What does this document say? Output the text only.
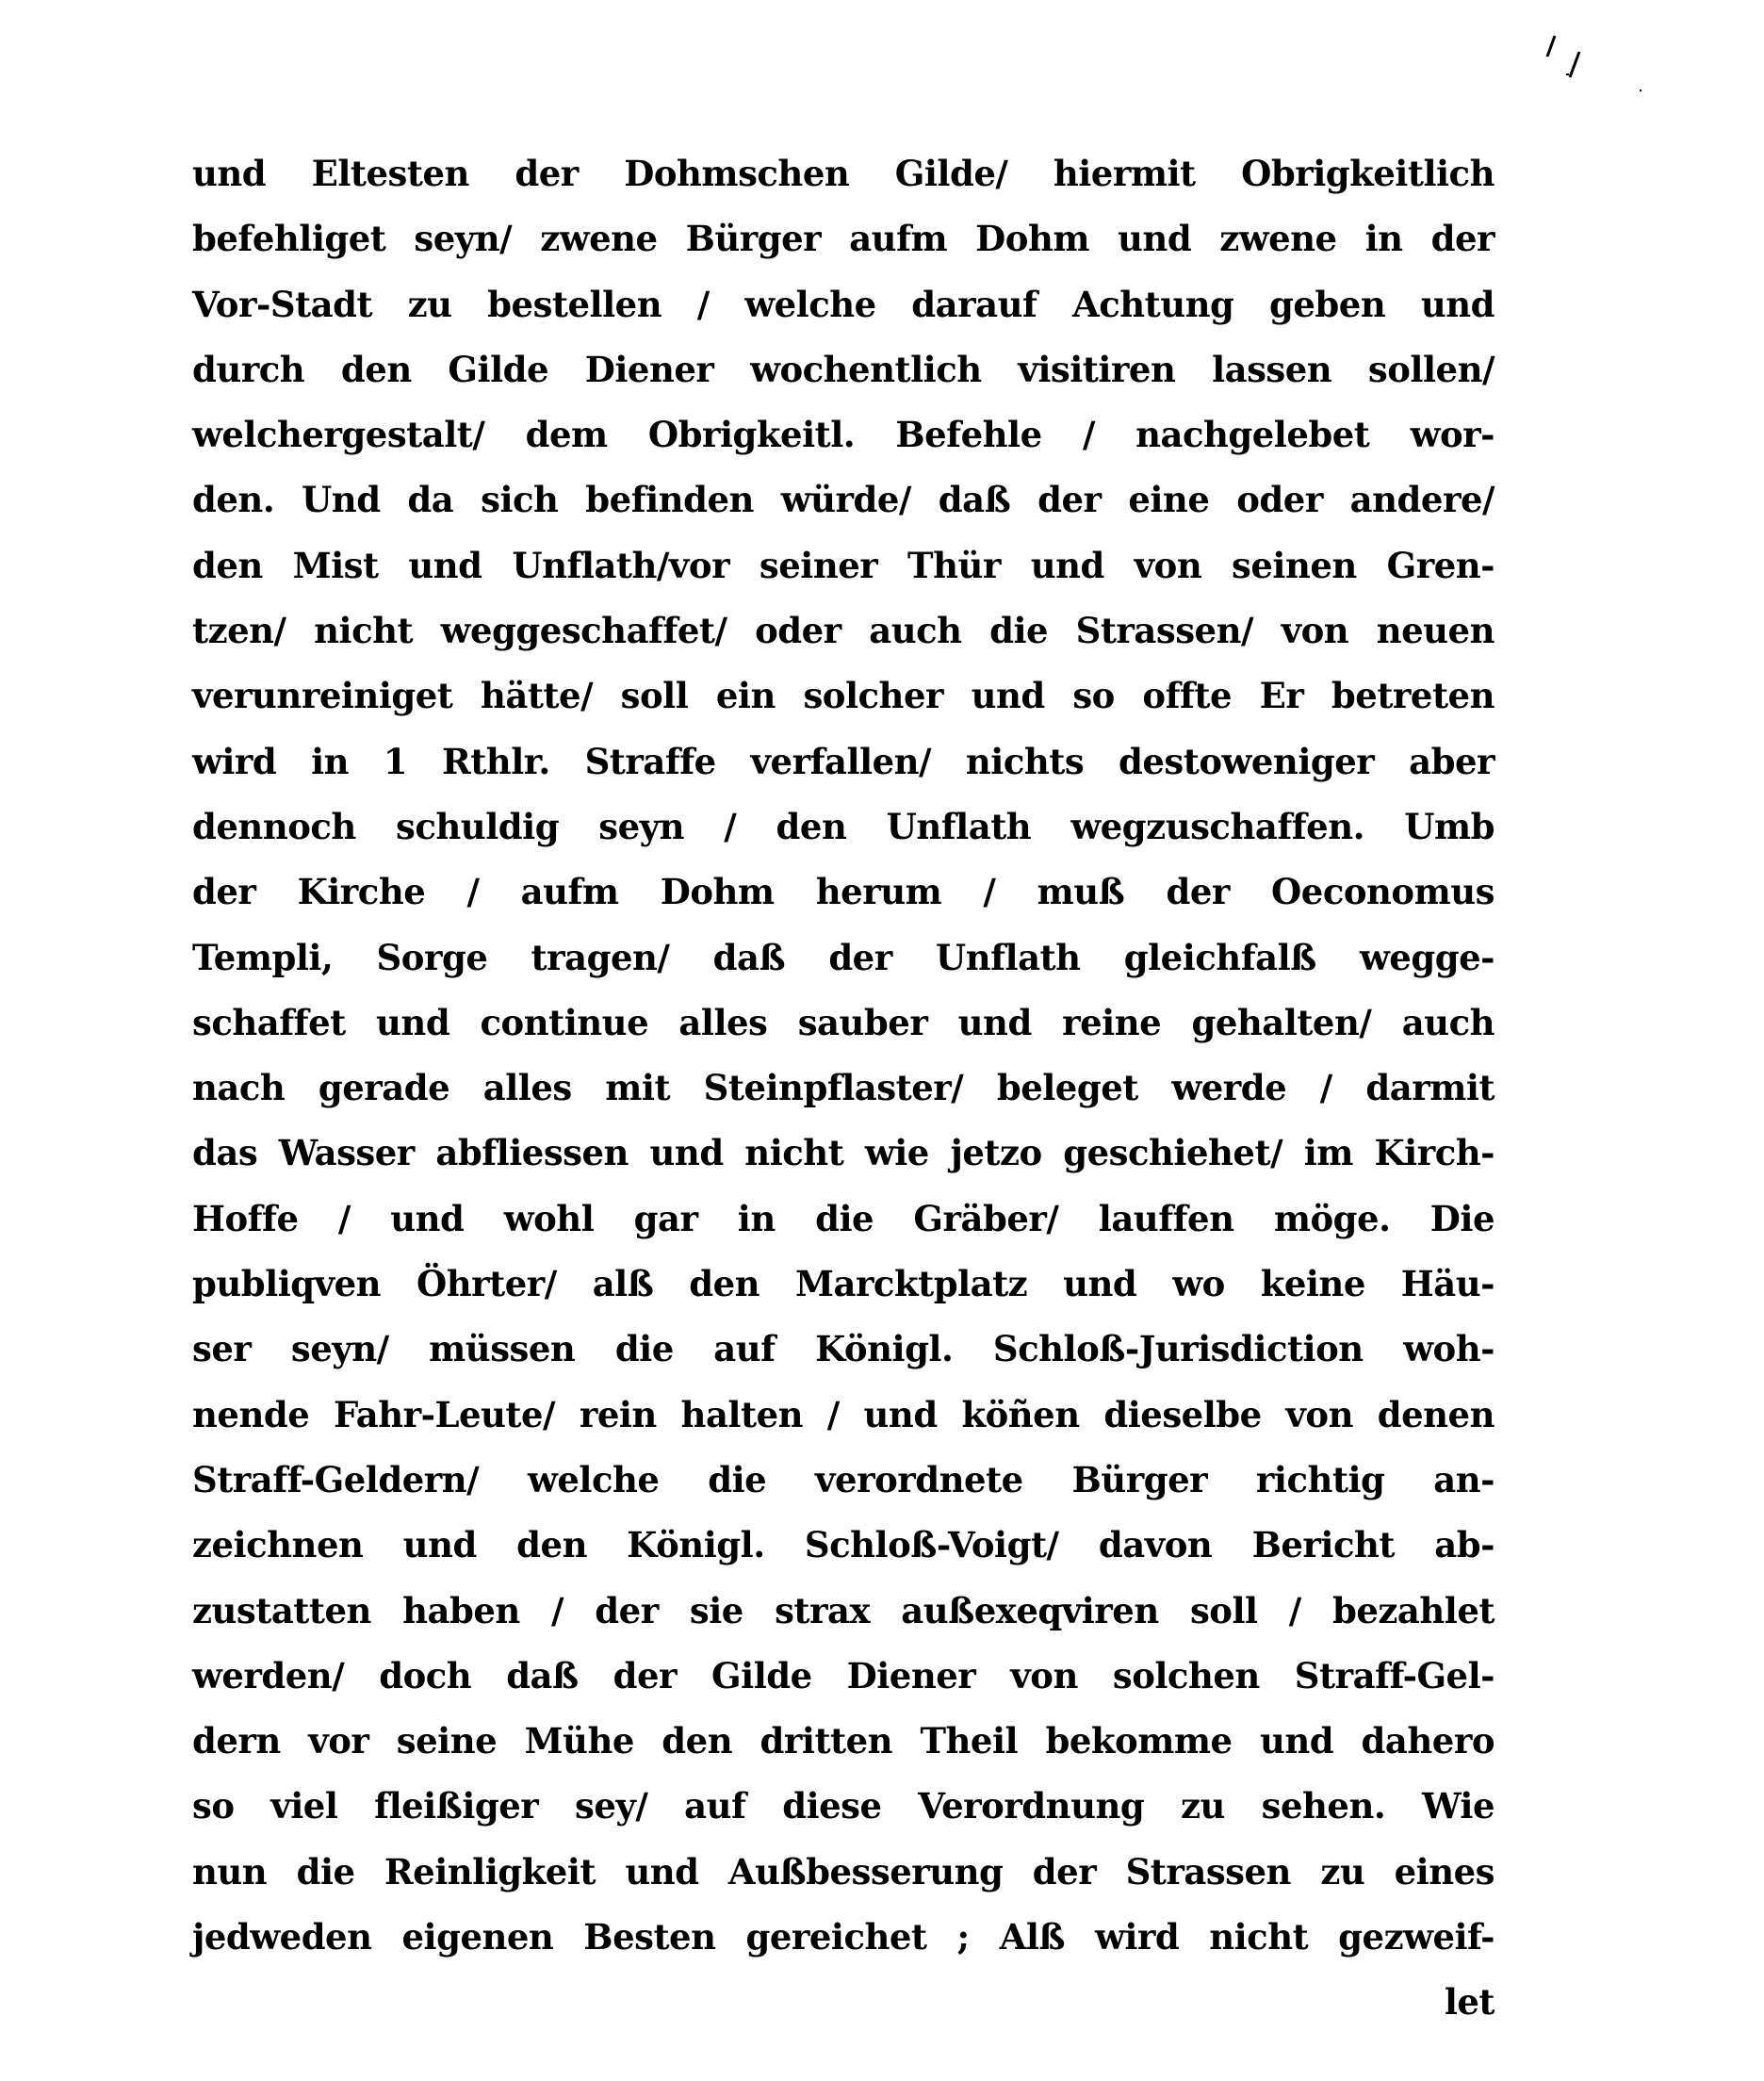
und Eltesten der Dohmschen Gilde/ hiermit Obrigkeitlich
befehliget seyn/ zwene Bürger aufm Dohm und zwene in der
Vor-Stadt zu bestellen / welche darauf Achtung geben und
durch den Gilde Diener wochentlich visitiren lassen sollen/
welchergestalt/ dem Obrigkeitl. Befehle / nachgelebet wor-
den. Und da sich befinden würde/ daß der eine oder andere/
den Mist und Unflath/vor seiner Thür und von seinen Gren-
tzen/ nicht weggeschaffet/ oder auch die Strassen/ von neuen
verunreiniget hätte/ soll ein solcher und so offte Er betreten
wird in 1 Rthlr. Straffe verfallen/ nichts destoweniger aber
dennoch schuldig seyn / den Unflath wegzuschaffen. Umb
der Kirche / aufm Dohm herum / muß der Oeconomus
Templi, Sorge tragen/ daß der Unflath gleichfalß wegge-
schaffet und continue alles sauber und reine gehalten/ auch
nach gerade alles mit Steinpflaster/ beleget werde / darmit
das Wasser abfliessen und nicht wie jetzo geschiehet/ im Kirch-
Hoffe / und wohl gar in die Gräber/ lauffen möge. Die
publiqven Öhrter/ alß den Marcktplatz und wo keine Häu-
ser seyn/ müssen die auf Königl. Schloß-Jurisdiction woh-
nende Fahr-Leute/ rein halten / und köñen dieselbe von denen
Straff-Geldern/ welche die verordnete Bürger richtig an-
zeichnen und den Königl. Schloß-Voigt/ davon Bericht ab-
zustatten haben / der sie strax außexeqviren soll / bezahlet
werden/ doch daß der Gilde Diener von solchen Straff-Gel-
dern vor seine Mühe den dritten Theil bekomme und dahero
so viel fleißiger sey/ auf diese Verordnung zu sehen. Wie
nun die Reinligkeit und Außbesserung der Strassen zu eines
jedweden eigenen Besten gereichet ; Alß wird nicht gezweif-
let
